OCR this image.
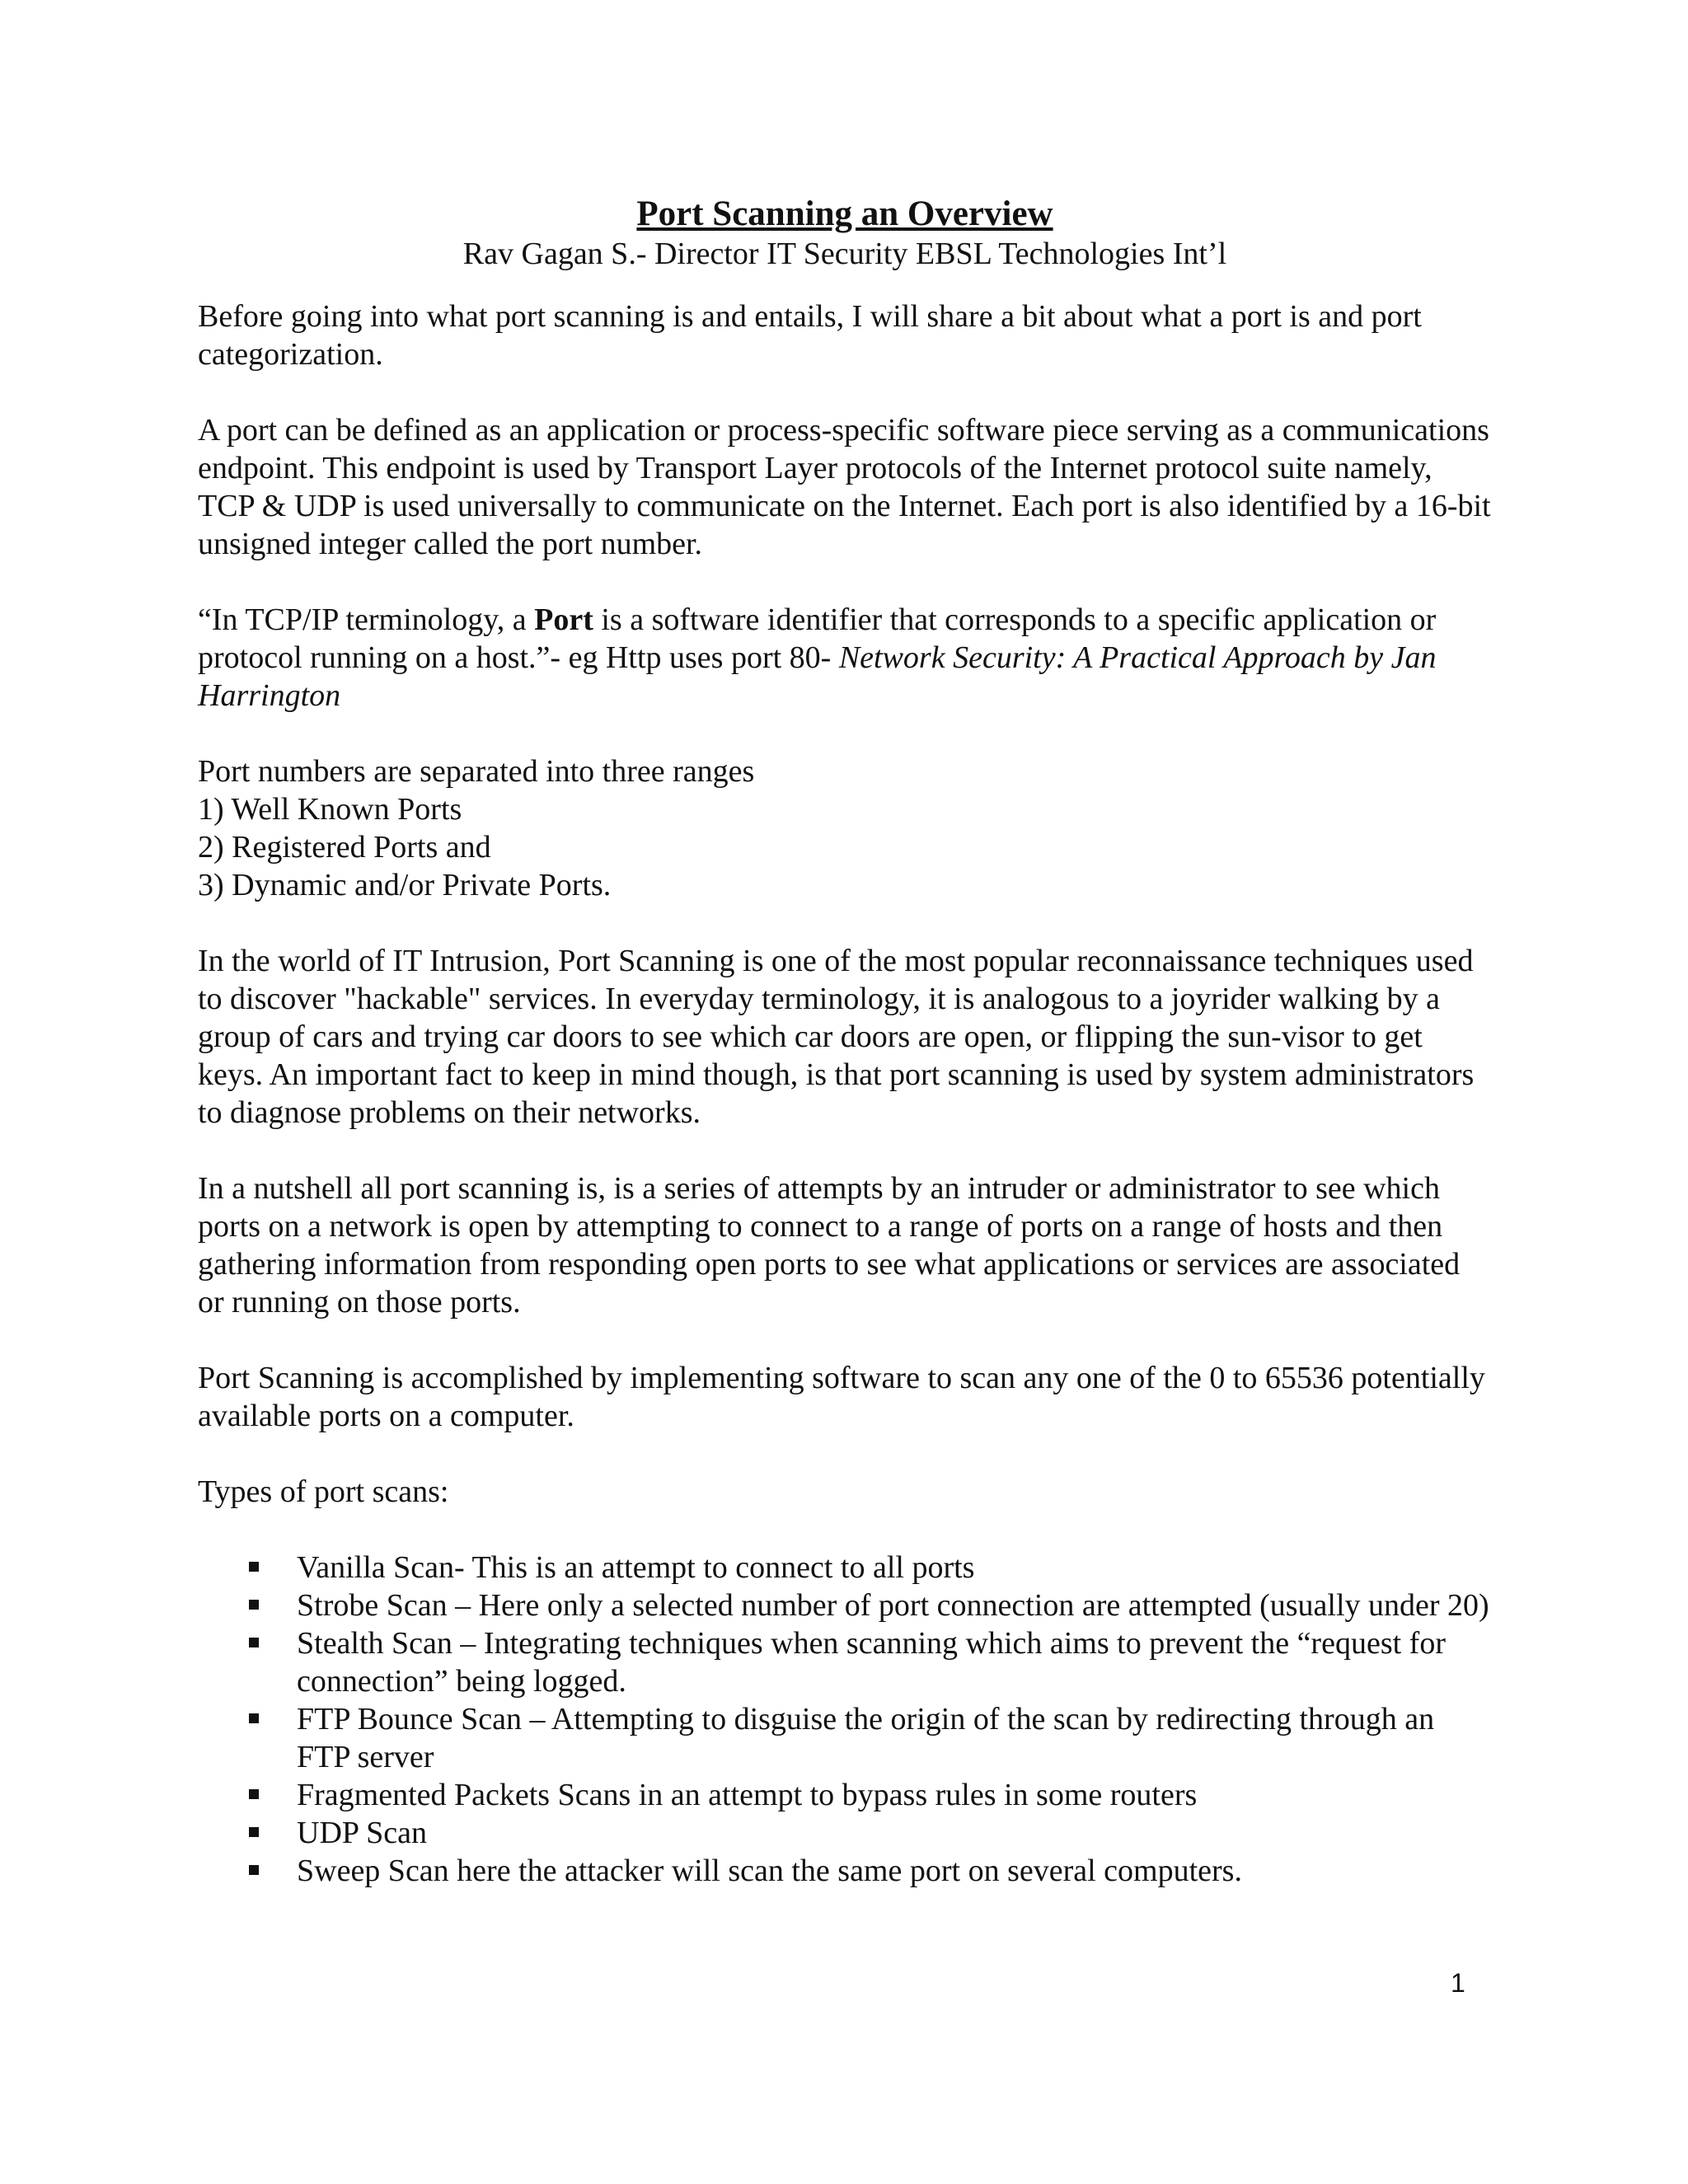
Port Scanning an Overview
Rav Gagan S.- Director IT Security EBSL Technologies Int’l

Before going into what port scanning is and entails, I will share a bit about what a port is and port categorization.

A port can be defined as an application or process-specific software piece serving as a communications endpoint. This endpoint is used by Transport Layer protocols of the Internet protocol suite namely, TCP & UDP is used universally to communicate on the Internet. Each port is also identified by a 16-bit unsigned integer called the port number.

“In TCP/IP terminology, a Port is a software identifier that corresponds to a specific application or protocol running on a host.”- eg Http uses port 80- Network Security: A Practical Approach by Jan Harrington

Port numbers are separated into three ranges
1) Well Known Ports
2) Registered Ports and
3) Dynamic and/or Private Ports.

In the world of IT Intrusion, Port Scanning is one of the most popular reconnaissance techniques used to discover "hackable" services. In everyday terminology, it is analogous to a joyrider walking by a group of cars and trying car doors to see which car doors are open, or flipping the sun-visor to get keys. An important fact to keep in mind though, is that port scanning is used by system administrators to diagnose problems on their networks.

In a nutshell all port scanning is, is a series of attempts by an intruder or administrator to see which ports on a network is open by attempting to connect to a range of ports on a range of hosts and then gathering information from responding open ports to see what applications or services are associated or running on those ports.

Port Scanning is accomplished by implementing software to scan any one of the 0 to 65536 potentially available ports on a computer.

Types of port scans:
Vanilla Scan- This is an attempt to connect to all ports
Strobe Scan – Here only a selected number of port connection are attempted (usually under 20)
Stealth Scan – Integrating techniques when scanning which aims to prevent the “request for connection” being logged.
FTP Bounce Scan – Attempting to disguise the origin of the scan by redirecting through an FTP server
Fragmented Packets Scans in an attempt to bypass rules in some routers
UDP Scan
Sweep Scan here the attacker will scan the same port on several computers.
1
